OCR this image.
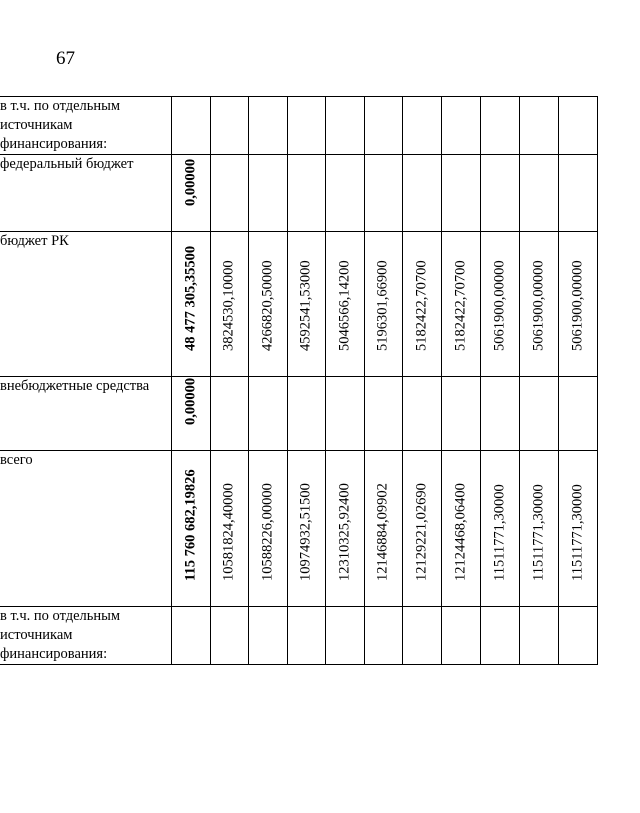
67
в т.ч. по отдельным источникам финансирования:	

федеральный бюджет	0,00000										

бюджет РК	48 477 305,35500	3824530,10000	4266820,50000	4592541,53000	5046566,14200	5196301,66900	5182422,70700	5182422,70700	5061900,00000	5061900,00000	5061900,00000

внебюджетные средства	0,00000										

всего	115 760 682,19826	10581824,40000	10588226,00000	10974932,51500	12310325,92400	12146884,09902	12129221,02690	12124468,06400	11511771,30000	11511771,30000	11511771,30000

в т.ч. по отдельным источникам финансирования:	
